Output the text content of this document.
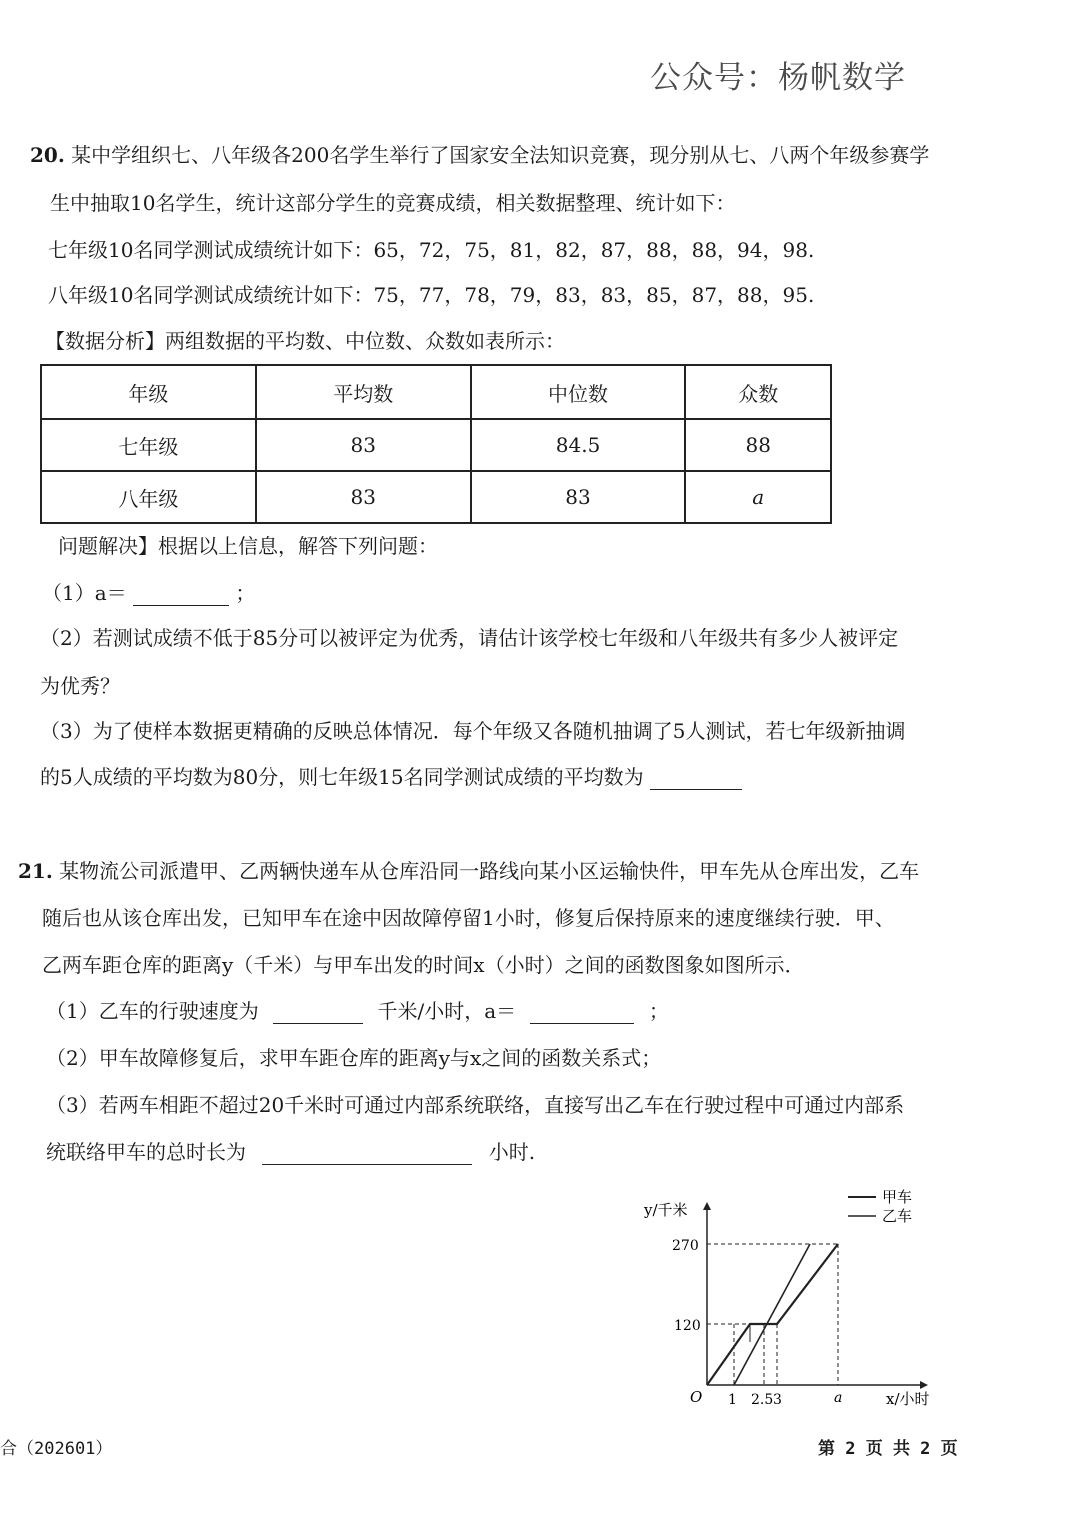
公众号：杨帆数学
20. 某中学组织七、八年级各200名学生举行了国家安全法知识竞赛，现分别从七、八两个年级参赛学
生中抽取10名学生，统计这部分学生的竞赛成绩，相关数据整理、统计如下：
七年级10名同学测试成绩统计如下：65，72，75，81，82，87，88，88，94，98.
八年级10名同学测试成绩统计如下：75，77，78，79，83，83，85，87，88，95.
【数据分析】两组数据的平均数、中位数、众数如表所示：
年级	平均数	中位数	众数
七年级	83	84.5	88
八年级	83	83	a
问题解决】根据以上信息，解答下列问题：
（1）a＝	；
（2）若测试成绩不低于85分可以被评定为优秀，请估计该学校七年级和八年级共有多少人被评定
为优秀？
（3）为了使样本数据更精确的反映总体情况．每个年级又各随机抽调了5人测试，若七年级新抽调
的5人成绩的平均数为80分，则七年级15名同学测试成绩的平均数为
21. 某物流公司派遣甲、乙两辆快递车从仓库沿同一路线向某小区运输快件，甲车先从仓库出发，乙车
随后也从该仓库出发，已知甲车在途中因故障停留1小时，修复后保持原来的速度继续行驶．甲、
乙两车距仓库的距离y（千米）与甲车出发的时间x（小时）之间的函数图象如图所示．
（1）乙车的行驶速度为	千米/小时，a＝	；
（2）甲车故障修复后，求甲车距仓库的距离y与x之间的函数关系式；
（3）若两车相距不超过20千米时可通过内部系统联络，直接写出乙车在行驶过程中可通过内部系
统联络甲车的总时长为	小时.
y/千米
270
120
O 1 2.5 3	a	x/小时
甲车
乙车
合（202601）	第 2 页 共 2 页
